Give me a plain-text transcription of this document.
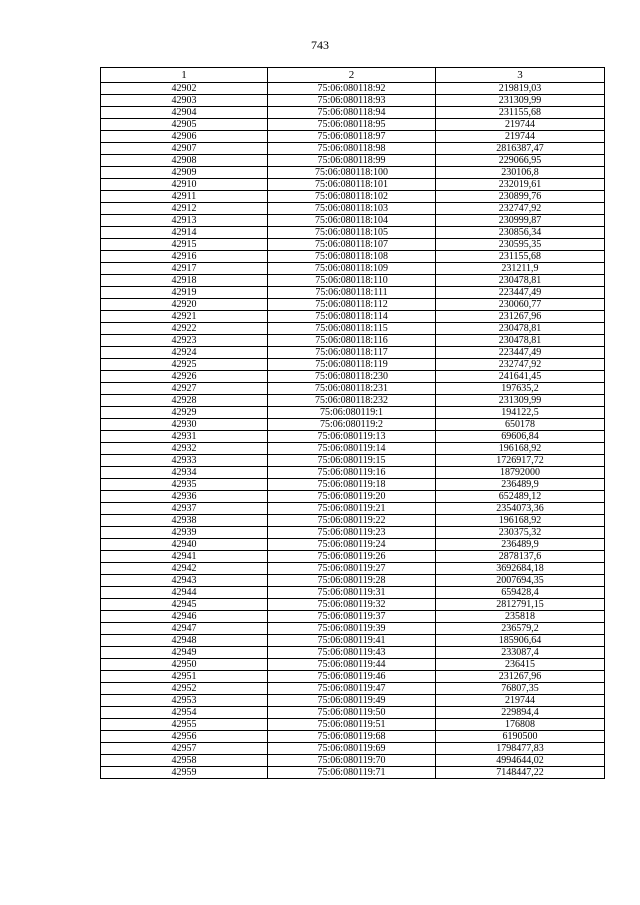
743
1	2	3
42902	75:06:080118:92	219819,03
42903	75:06:080118:93	231309,99
42904	75:06:080118:94	231155,68
42905	75:06:080118:95	219744
42906	75:06:080118:97	219744
42907	75:06:080118:98	2816387,47
42908	75:06:080118:99	229066,95
42909	75:06:080118:100	230106,8
42910	75:06:080118:101	232019,61
42911	75:06:080118:102	230899,76
42912	75:06:080118:103	232747,92
42913	75:06:080118:104	230999,87
42914	75:06:080118:105	230856,34
42915	75:06:080118:107	230595,35
42916	75:06:080118:108	231155,68
42917	75:06:080118:109	231211,9
42918	75:06:080118:110	230478,81
42919	75:06:080118:111	223447,49
42920	75:06:080118:112	230060,77
42921	75:06:080118:114	231267,96
42922	75:06:080118:115	230478,81
42923	75:06:080118:116	230478,81
42924	75:06:080118:117	223447,49
42925	75:06:080118:119	232747,92
42926	75:06:080118:230	241641,45
42927	75:06:080118:231	197635,2
42928	75:06:080118:232	231309,99
42929	75:06:080119:1	194122,5
42930	75:06:080119:2	650178
42931	75:06:080119:13	69606,84
42932	75:06:080119:14	196168,92
42933	75:06:080119:15	1726917,72
42934	75:06:080119:16	18792000
42935	75:06:080119:18	236489,9
42936	75:06:080119:20	652489,12
42937	75:06:080119:21	2354073,36
42938	75:06:080119:22	196168,92
42939	75:06:080119:23	230375,32
42940	75:06:080119:24	236489,9
42941	75:06:080119:26	2878137,6
42942	75:06:080119:27	3692684,18
42943	75:06:080119:28	2007694,35
42944	75:06:080119:31	659428,4
42945	75:06:080119:32	2812791,15
42946	75:06:080119:37	235818
42947	75:06:080119:39	236579,2
42948	75:06:080119:41	185906,64
42949	75:06:080119:43	233087,4
42950	75:06:080119:44	236415
42951	75:06:080119:46	231267,96
42952	75:06:080119:47	76807,35
42953	75:06:080119:49	219744
42954	75:06:080119:50	229894,4
42955	75:06:080119:51	176808
42956	75:06:080119:68	6190500
42957	75:06:080119:69	1798477,83
42958	75:06:080119:70	4994644,02
42959	75:06:080119:71	7148447,22
